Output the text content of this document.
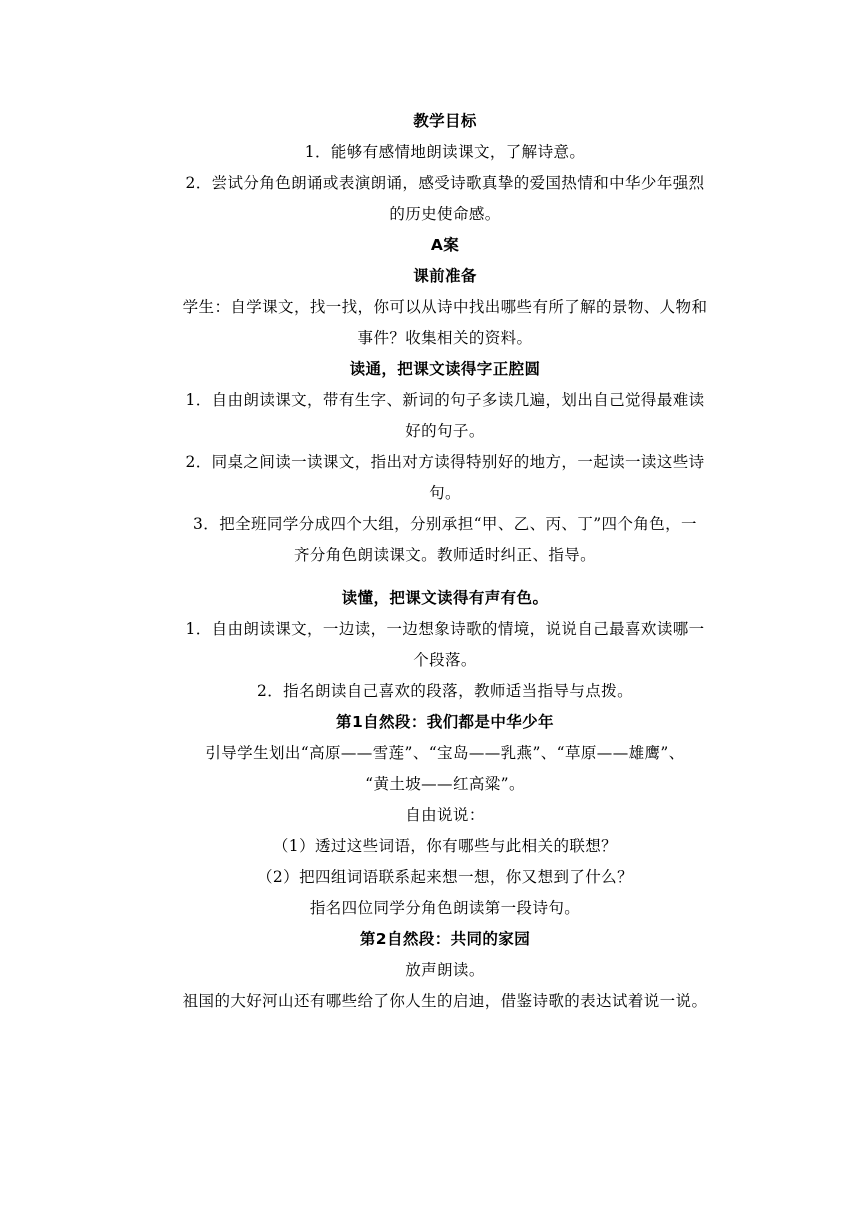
教学目标
1．能够有感情地朗读课文，了解诗意。
2．尝试分角色朗诵或表演朗诵，感受诗歌真挚的爱国热情和中华少年强烈
的历史使命感。
A案
课前准备
学生：自学课文，找一找，你可以从诗中找出哪些有所了解的景物、人物和
事件？收集相关的资料。
读通，把课文读得字正腔圆
1．自由朗读课文，带有生字、新词的句子多读几遍，划出自己觉得最难读
好的句子。
2．同桌之间读一读课文，指出对方读得特别好的地方，一起读一读这些诗
句。
3．把全班同学分成四个大组，分别承担“甲、乙、丙、丁”四个角色，一
齐分角色朗读课文。教师适时纠正、指导。
读懂，把课文读得有声有色。
1．自由朗读课文，一边读，一边想象诗歌的情境，说说自己最喜欢读哪一
个段落。
2．指名朗读自己喜欢的段落，教师适当指导与点拨。
第1自然段：我们都是中华少年
引导学生划出“高原——雪莲”、“宝岛——乳燕”、“草原——雄鹰”、
“黄土坡——红高粱”。
自由说说：
（1）透过这些词语，你有哪些与此相关的联想？
（2）把四组词语联系起来想一想，你又想到了什么？
指名四位同学分角色朗读第一段诗句。
第2自然段：共同的家园
放声朗读。
祖国的大好河山还有哪些给了你人生的启迪，借鉴诗歌的表达试着说一说。
